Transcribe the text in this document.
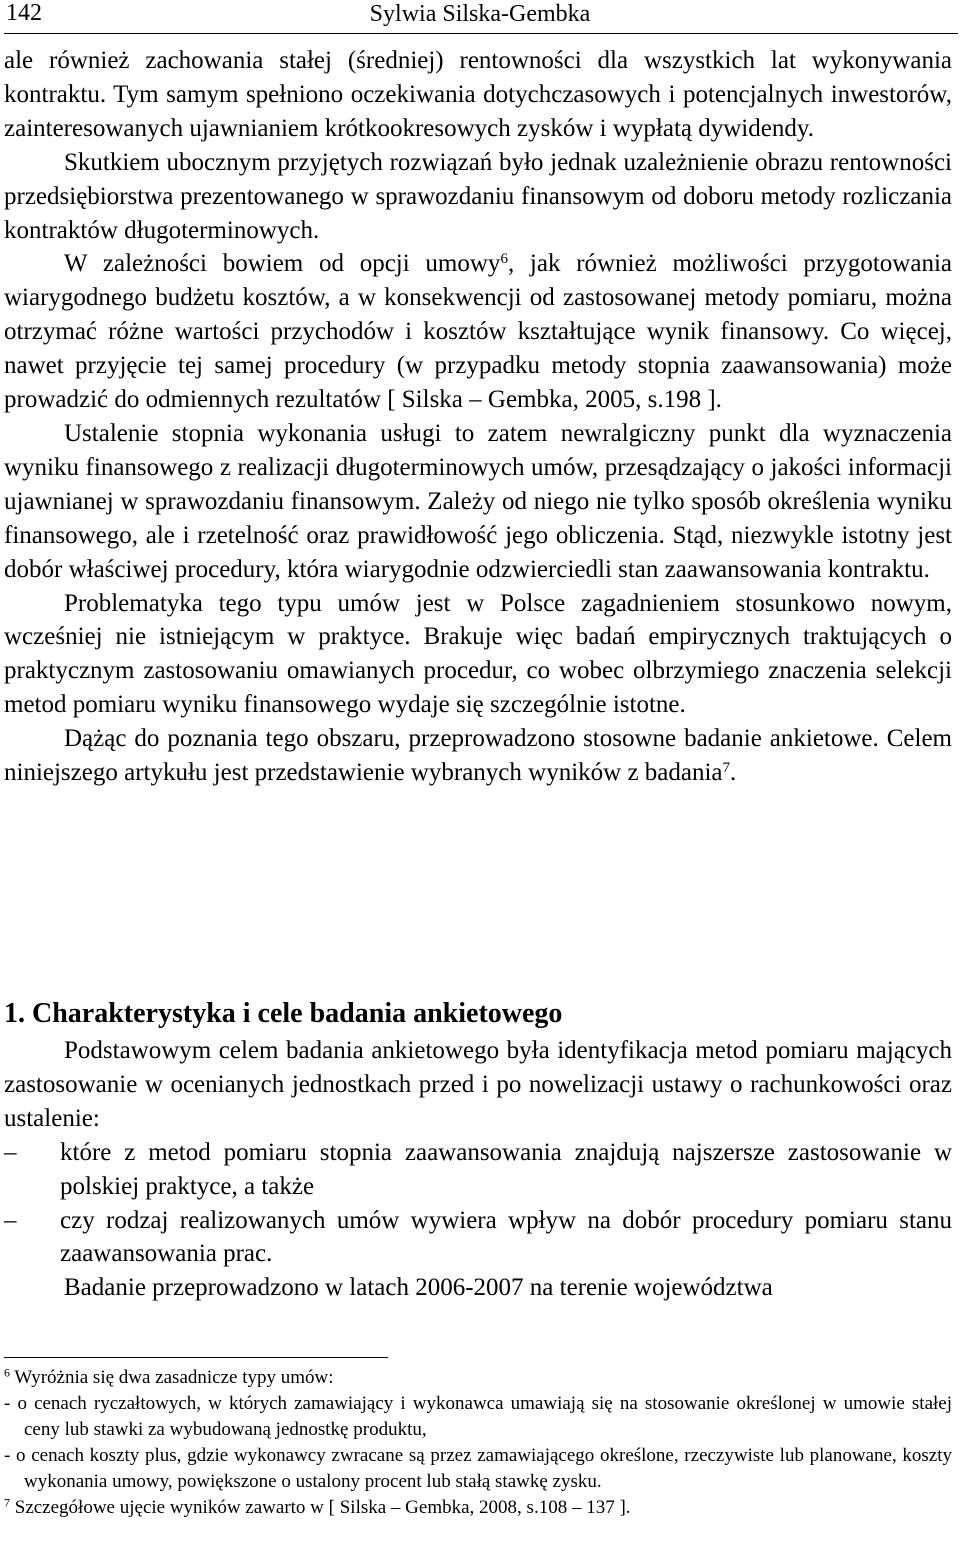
142	Sylwia Silska-Gembka

ale również zachowania stałej (średniej) rentowności dla wszystkich lat wykonywania kontraktu. Tym samym spełniono oczekiwania dotychczasowych i potencjalnych inwestorów, zainteresowanych ujawnianiem krótkookresowych zysków i wypłatą dywidendy.

Skutkiem ubocznym przyjętych rozwiązań było jednak uzależnienie obrazu rentowności przedsiębiorstwa prezentowanego w sprawozdaniu finansowym od doboru metody rozliczania kontraktów długoterminowych.

W zależności bowiem od opcji umowy$^6$, jak również możliwości przygotowania wiarygodnego budżetu kosztów, a w konsekwencji od zastosowanej metody pomiaru, można otrzymać różne wartości przychodów i kosztów kształtujące wynik finansowy. Co więcej, nawet przyjęcie tej samej procedury (w przypadku metody stopnia zaawansowania) może prowadzić do odmiennych rezultatów [ Silska – Gembka, 2005, s.198 ].

Ustalenie stopnia wykonania usługi to zatem newralgiczny punkt dla wyznaczenia wyniku finansowego z realizacji długoterminowych umów, przesądzający o jakości informacji ujawnianej w sprawozdaniu finansowym. Zależy od niego nie tylko sposób określenia wyniku finansowego, ale i rzetelność oraz prawidłowość jego obliczenia. Stąd, niezwykle istotny jest dobór właściwej procedury, która wiarygodnie odzwierciedli stan zaawansowania kontraktu.

Problematyka tego typu umów jest w Polsce zagadnieniem stosunkowo nowym, wcześniej nie istniejącym w praktyce. Brakuje więc badań empirycznych traktujących o praktycznym zastosowaniu omawianych procedur, co wobec olbrzymiego znaczenia selekcji metod pomiaru wyniku finansowego wydaje się szczególnie istotne.

Dążąc do poznania tego obszaru, przeprowadzono stosowne badanie ankietowe. Celem niniejszego artykułu jest przedstawienie wybranych wyników z badania$^7$.

1. Charakterystyka i cele badania ankietowego

Podstawowym celem badania ankietowego była identyfikacja metod pomiaru mających zastosowanie w ocenianych jednostkach przed i po nowelizacji ustawy o rachunkowości oraz ustalenie:

–	które z metod pomiaru stopnia zaawansowania znajdują najszersze zastosowanie w polskiej praktyce, a także
–	czy rodzaj realizowanych umów wywiera wpływ na dobór procedury pomiaru stanu zaawansowania prac.

Badanie przeprowadzono w latach 2006-2007 na terenie województwa

$^6$ Wyróżnia się dwa zasadnicze typy umów:

- o cenach ryczałtowych, w których zamawiający i wykonawca umawiają się na stosowanie określonej w umowie stałej ceny lub stawki za wybudowaną jednostkę produktu,

- o cenach koszty plus, gdzie wykonawcy zwracane są przez zamawiającego określone, rzeczywiste lub planowane, koszty wykonania umowy, powiększone o ustalony procent lub stałą stawkę zysku.

$^7$ Szczegółowe ujęcie wyników zawarto w [ Silska – Gembka, 2008, s.108 – 137 ].
